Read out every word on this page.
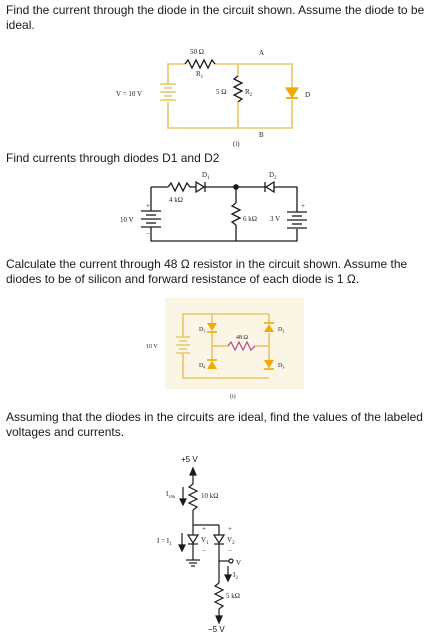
Find the current through the diode in the circuit shown. Assume the diode to be ideal.

Find currents through diodes D1 and D2

Calculate the current through 48 Ω resistor in the circuit shown. Assume the diodes to be of silicon and forward resistance of each diode is 1 Ω.

Assuming that the diodes in the circuits are ideal, find the values of the labeled voltages and currents.

50 Ω
$R_1$
A
B
V = 10 V	5 Ω	$R_2$	D
(i)
$D_1$	$D_2$
4 kΩ
10 V	6 kΩ 3 V
+
−
+
10 V
48 Ω
$D_1$	$D_2$
$D_3$
$D_4$
(i)
+5 V
$I_{10k}$	10 kΩ
$I = I_1$
$V_1$	$V_2$
+	+
−	−
V
$I_2$
5 kΩ
−5 V
